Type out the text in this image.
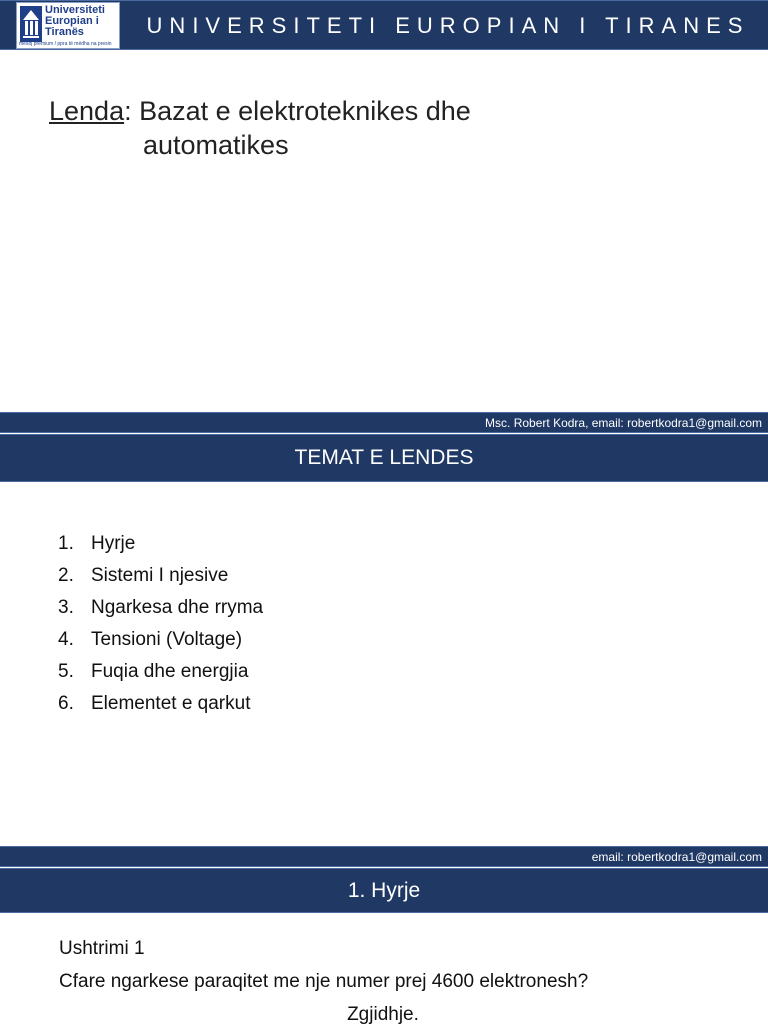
Universiteti
Europian i
Tiranës
mësoj premium / ppra të mëdha na presin
UNIVERSITETI EUROPIAN I TIRANES
Lenda: Bazat e elektroteknikes dhe
automatikes
Msc. Robert Kodra, email: robertkodra1@gmail.com
TEMAT E LENDES
1. Hyrje
2. Sistemi I njesive
3. Ngarkesa dhe rryma
4. Tensioni (Voltage)
5. Fuqia dhe energjia
6. Elementet e qarkut
email: robertkodra1@gmail.com
1. Hyrje
Ushtrimi 1
Cfare ngarkese paraqitet me nje numer prej 4600 elektronesh?
Zgjidhje.
